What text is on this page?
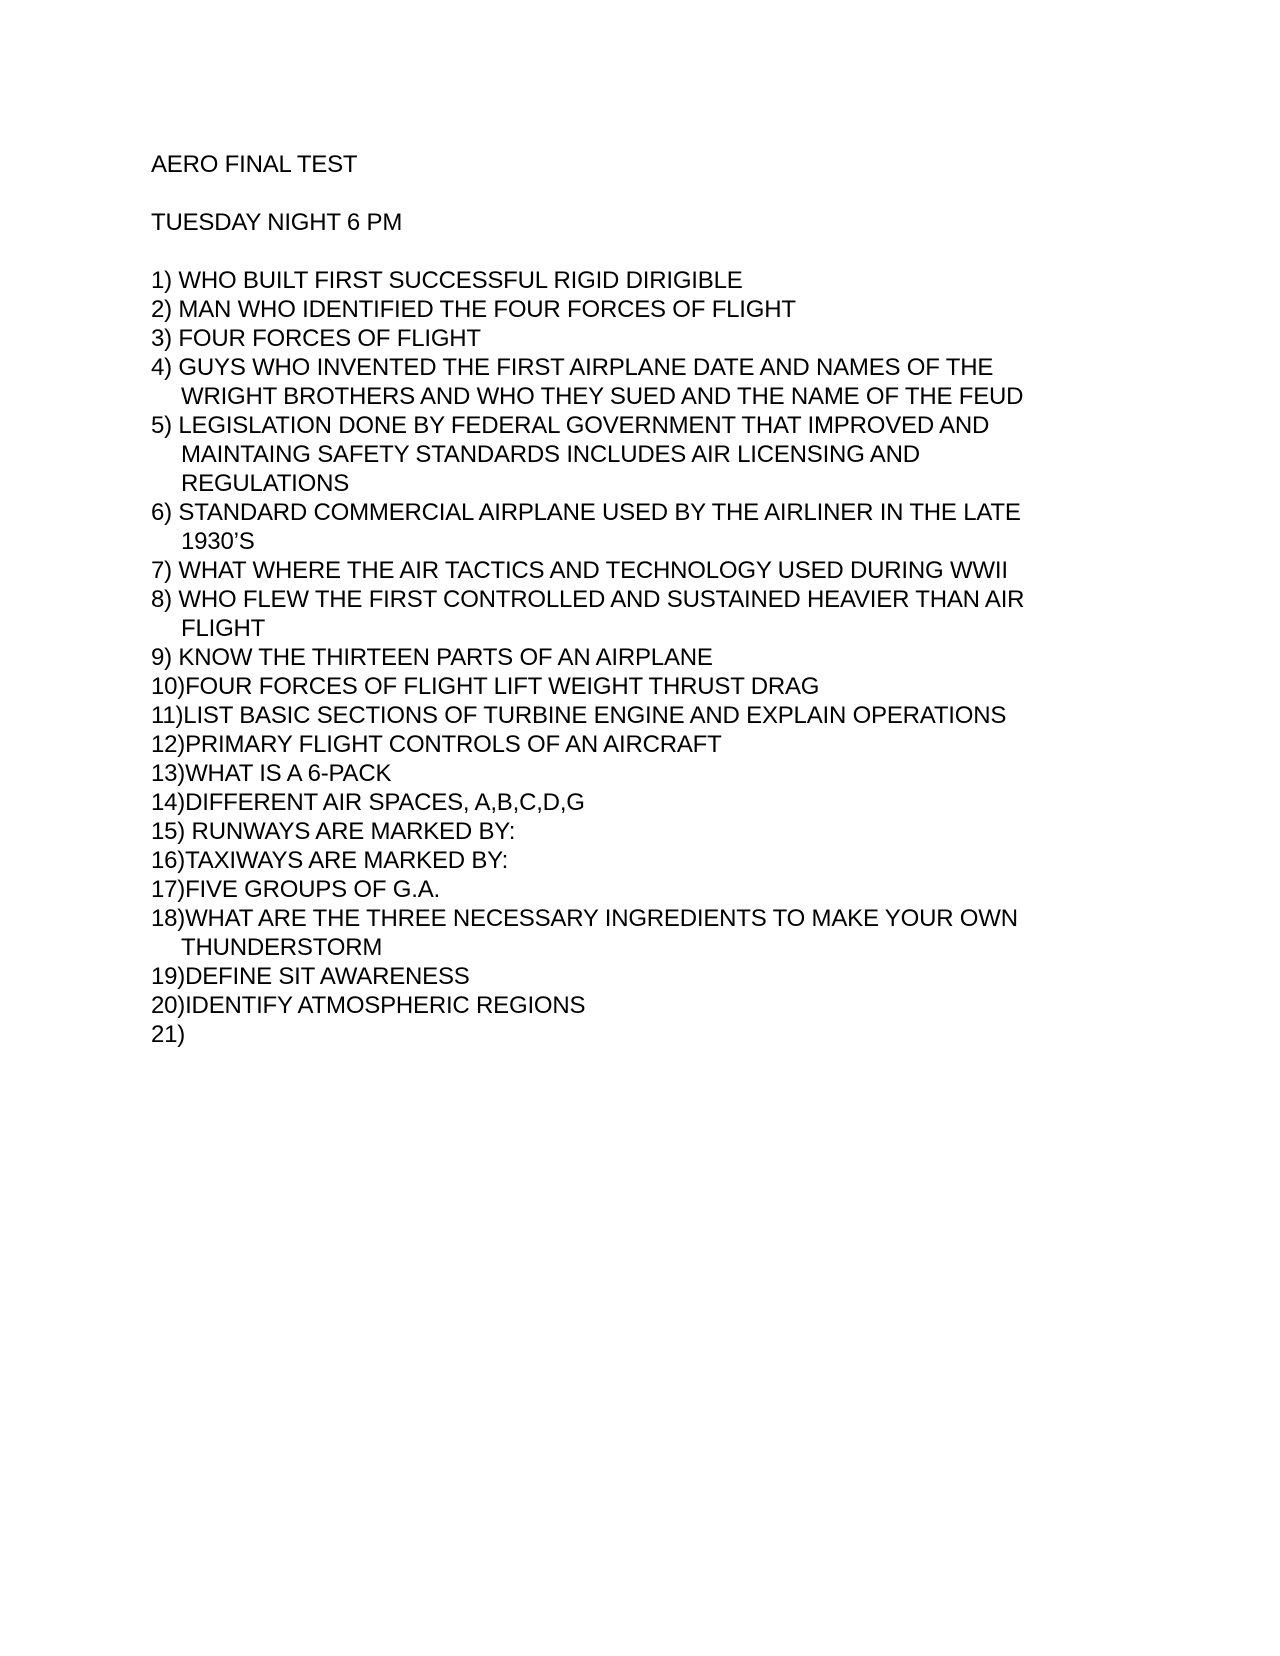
AERO FINAL TEST
TUESDAY NIGHT 6 PM
1) WHO BUILT FIRST SUCCESSFUL RIGID DIRIGIBLE
2) MAN WHO IDENTIFIED THE FOUR FORCES OF FLIGHT
3) FOUR FORCES OF FLIGHT
4) GUYS WHO INVENTED THE FIRST AIRPLANE DATE AND NAMES OF THE
WRIGHT BROTHERS AND WHO THEY SUED AND THE NAME OF THE FEUD
5) LEGISLATION DONE BY FEDERAL GOVERNMENT THAT IMPROVED AND
MAINTAING SAFETY STANDARDS INCLUDES AIR LICENSING AND
REGULATIONS
6) STANDARD COMMERCIAL AIRPLANE USED BY THE AIRLINER IN THE LATE
1930’S
7) WHAT WHERE THE AIR TACTICS AND TECHNOLOGY USED DURING WWII
8) WHO FLEW THE FIRST CONTROLLED AND SUSTAINED HEAVIER THAN AIR
FLIGHT
9) KNOW THE THIRTEEN PARTS OF AN AIRPLANE
10)FOUR FORCES OF FLIGHT LIFT WEIGHT THRUST DRAG
11)LIST BASIC SECTIONS OF TURBINE ENGINE AND EXPLAIN OPERATIONS
12)PRIMARY FLIGHT CONTROLS OF AN AIRCRAFT
13)WHAT IS A 6-PACK
14)DIFFERENT AIR SPACES, A,B,C,D,G
15) RUNWAYS ARE MARKED BY:
16)TAXIWAYS ARE MARKED BY:
17)FIVE GROUPS OF G.A.
18)WHAT ARE THE THREE NECESSARY INGREDIENTS TO MAKE YOUR OWN
THUNDERSTORM
19)DEFINE SIT AWARENESS
20)IDENTIFY ATMOSPHERIC REGIONS
21)
